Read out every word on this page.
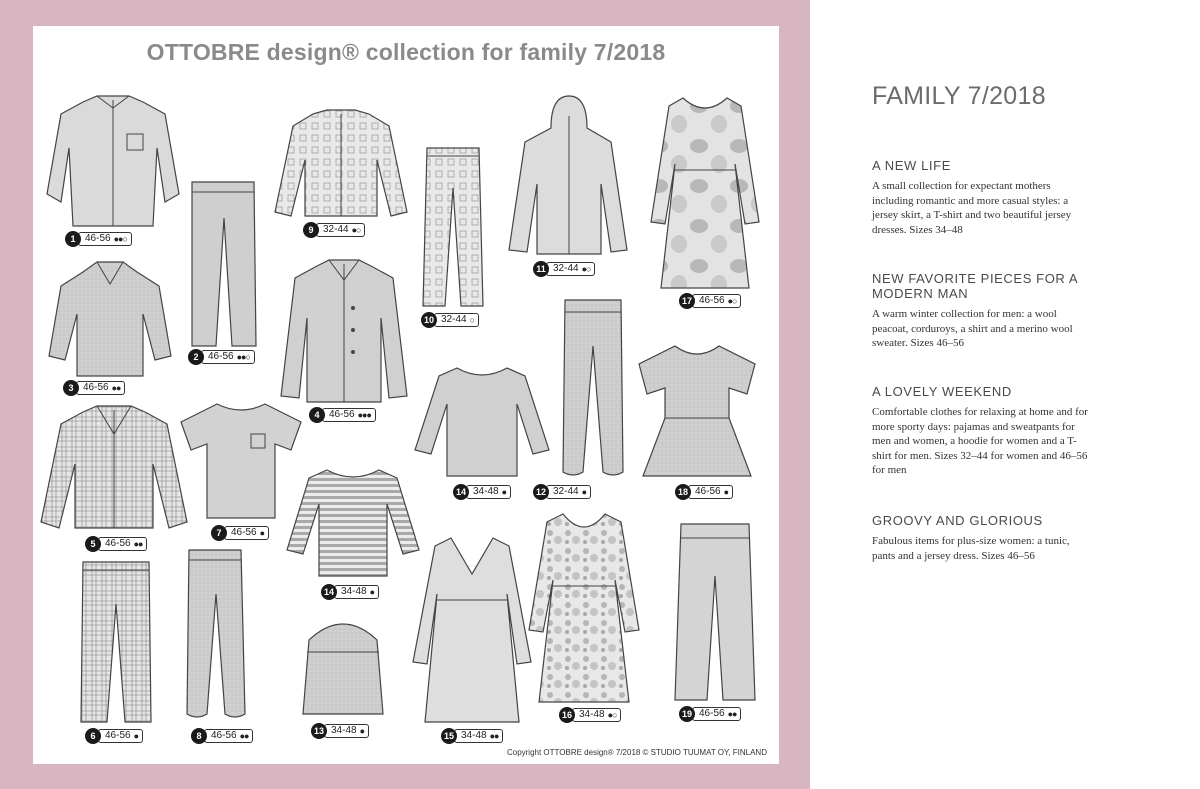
OTTOBRE design® collection for family 7/2018
1 46-56 ●●○
2 46-56 ●●○
3 46-56 ●●
4 46-56 ●●●
5 46-56 ●●
6 46-56 ●
7 46-56 ●
8 46-56 ●●
9 32-44 ●○
10 32-44 ○
11 32-44 ●○
12 32-44 ●
13 34-48 ●
14 34-48 ●
14 34-48 ●
15 34-48 ●●
16 34-48 ●○
17 46-56 ●○
18 46-56 ●
19 46-56 ●●
Copyright OTTOBRE design® 7/2018 © STUDIO TUUMAT OY, FINLAND
FAMILY 7/2018
A NEW LIFE

A small collection for expectant mothers including romantic and more casual styles: a jersey skirt, a T-shirt and two beautiful jersey dresses. Sizes 34–48

NEW FAVORITE PIECES FOR A MODERN MAN

A warm winter collection for men: a wool peacoat, corduroys, a shirt and a merino wool sweater. Sizes 46–56

A LOVELY WEEKEND

Comfortable clothes for relaxing at home and for more sporty days: pajamas and sweatpants for men and women, a hoodie for women and a T-shirt for men. Sizes 32–44 for women and 46–56 for men

GROOVY AND GLORIOUS

Fabulous items for plus-size women: a tunic, pants and a jersey dress. Sizes 46–56
